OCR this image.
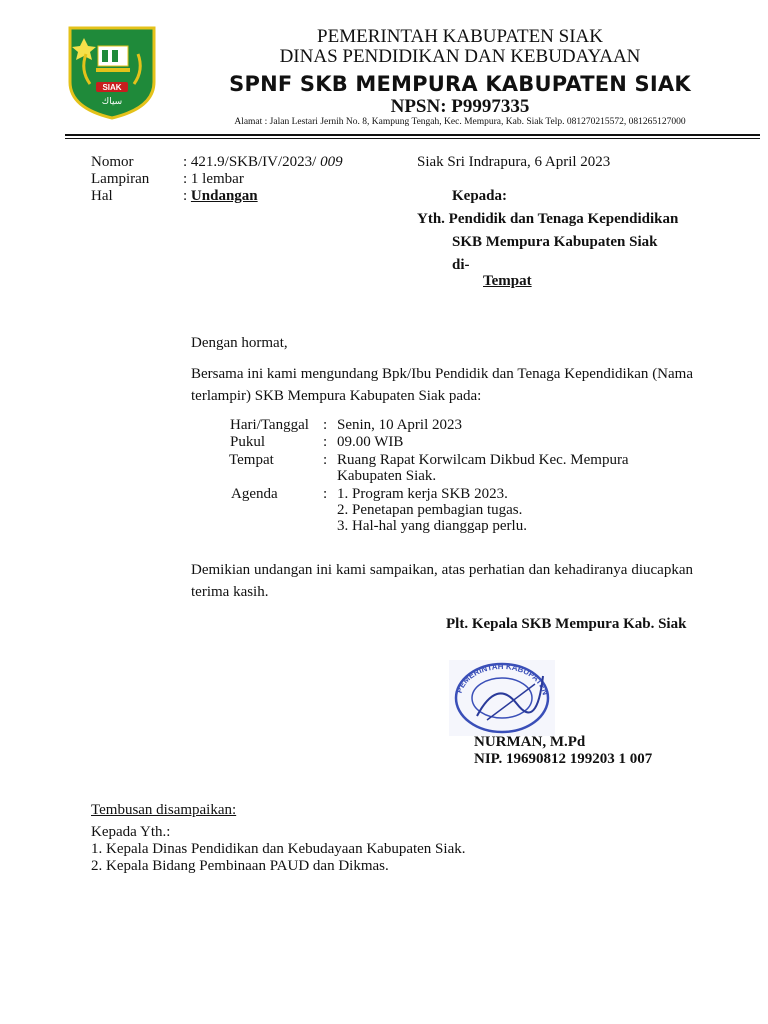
SIAK
سياك
PEMERINTAH KABUPATEN SIAK
DINAS PENDIDIKAN DAN KEBUDAYAAN
SPNF SKB MEMPURA KABUPATEN SIAK
NPSN: P9997335
Alamat : Jalan Lestari Jernih No. 8, Kampung Tengah, Kec. Mempura, Kab. Siak Telp. 081270215572, 081265127000
Nomor	: 421.9/SKB/IV/2023/ 009
Lampiran : 1 lembar
Hal	: Undangan
Siak Sri Indrapura, 6 April 2023
Kepada:
Yth. Pendidik dan Tenaga Kependidikan
SKB Mempura Kabupaten Siak
di-
Tempat
Dengan hormat,
Bersama ini kami mengundang Bpk/Ibu Pendidik dan Tenaga Kependidikan (Nama terlampir) SKB Mempura Kabupaten Siak pada:
Hari/Tanggal : Senin, 10 April 2023
Pukul	: 09.00 WIB
Tempat	: Ruang Rapat Korwilcam Dikbud Kec. Mempura
Kabupaten Siak.
Agenda	: 1. Program kerja SKB 2023.
2. Penetapan pembagian tugas.
3. Hal-hal yang dianggap perlu.
Demikian undangan ini kami sampaikan, atas perhatian dan kehadiranya diucapkan terima kasih.
Plt. Kepala SKB Mempura Kab. Siak
PEMERINTAH KABUPATEN
NURMAN, M.Pd
NIP. 19690812 199203 1 007
Tembusan disampaikan:
Kepada Yth.:
1. Kepala Dinas Pendidikan dan Kebudayaan Kabupaten Siak.
2. Kepala Bidang Pembinaan PAUD dan Dikmas.
